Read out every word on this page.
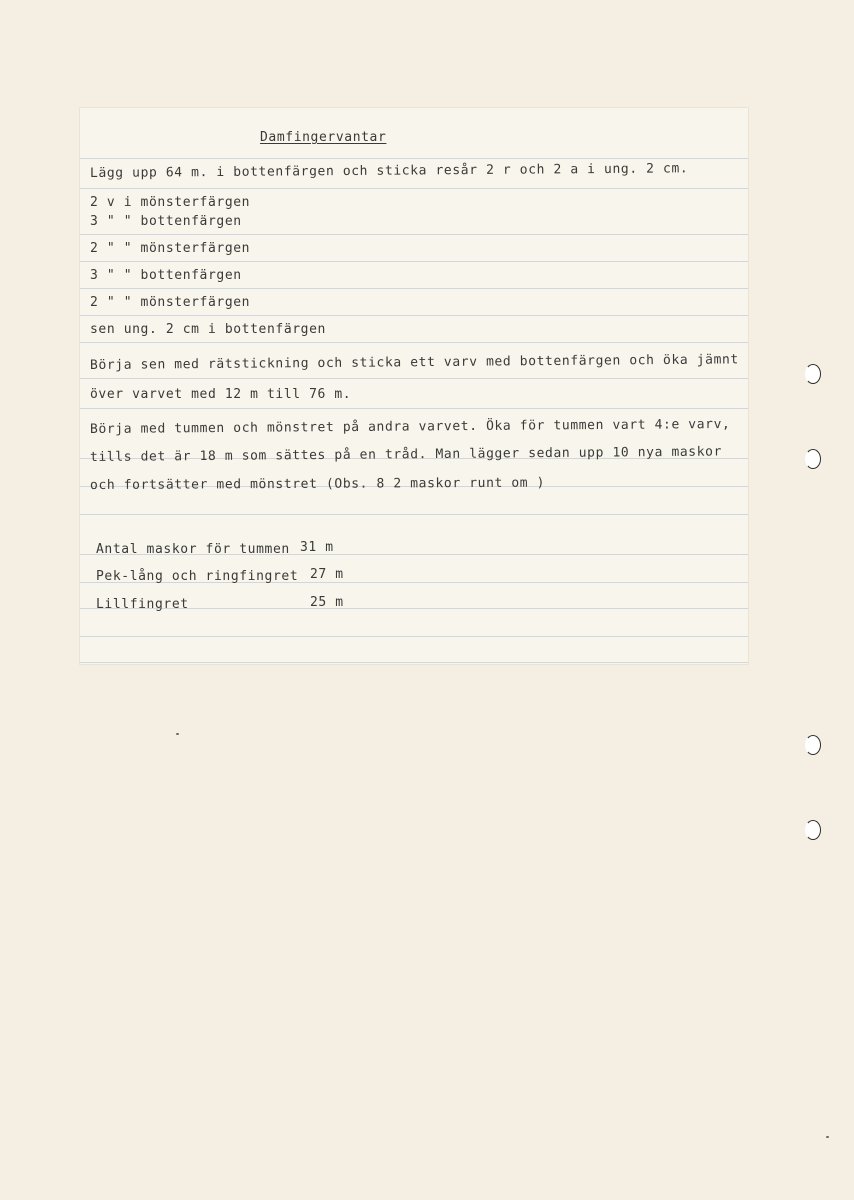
Damfingervantar
Lägg upp 64 m. i bottenfärgen och sticka resår 2 r och 2 a i ung. 2 cm.
2 v i mönsterfärgen
3 " " bottenfärgen
2 " " mönsterfärgen
3 " " bottenfärgen
2 " " mönsterfärgen
sen ung. 2 cm i bottenfärgen
Börja sen med rätstickning och sticka ett varv med bottenfärgen och öka jämnt
över varvet med 12 m till 76 m.
Börja med tummen och mönstret på andra varvet. Öka för tummen vart 4:e varv,
tills det är 18 m som sättes på en tråd. Man lägger sedan upp 10 nya maskor
och fortsätter med mönstret (Obs. 8 2 maskor runt om )
Antal maskor för tummen 31 m
Pek-lång och ringfingret 27 m
Lillfingret	25 m
